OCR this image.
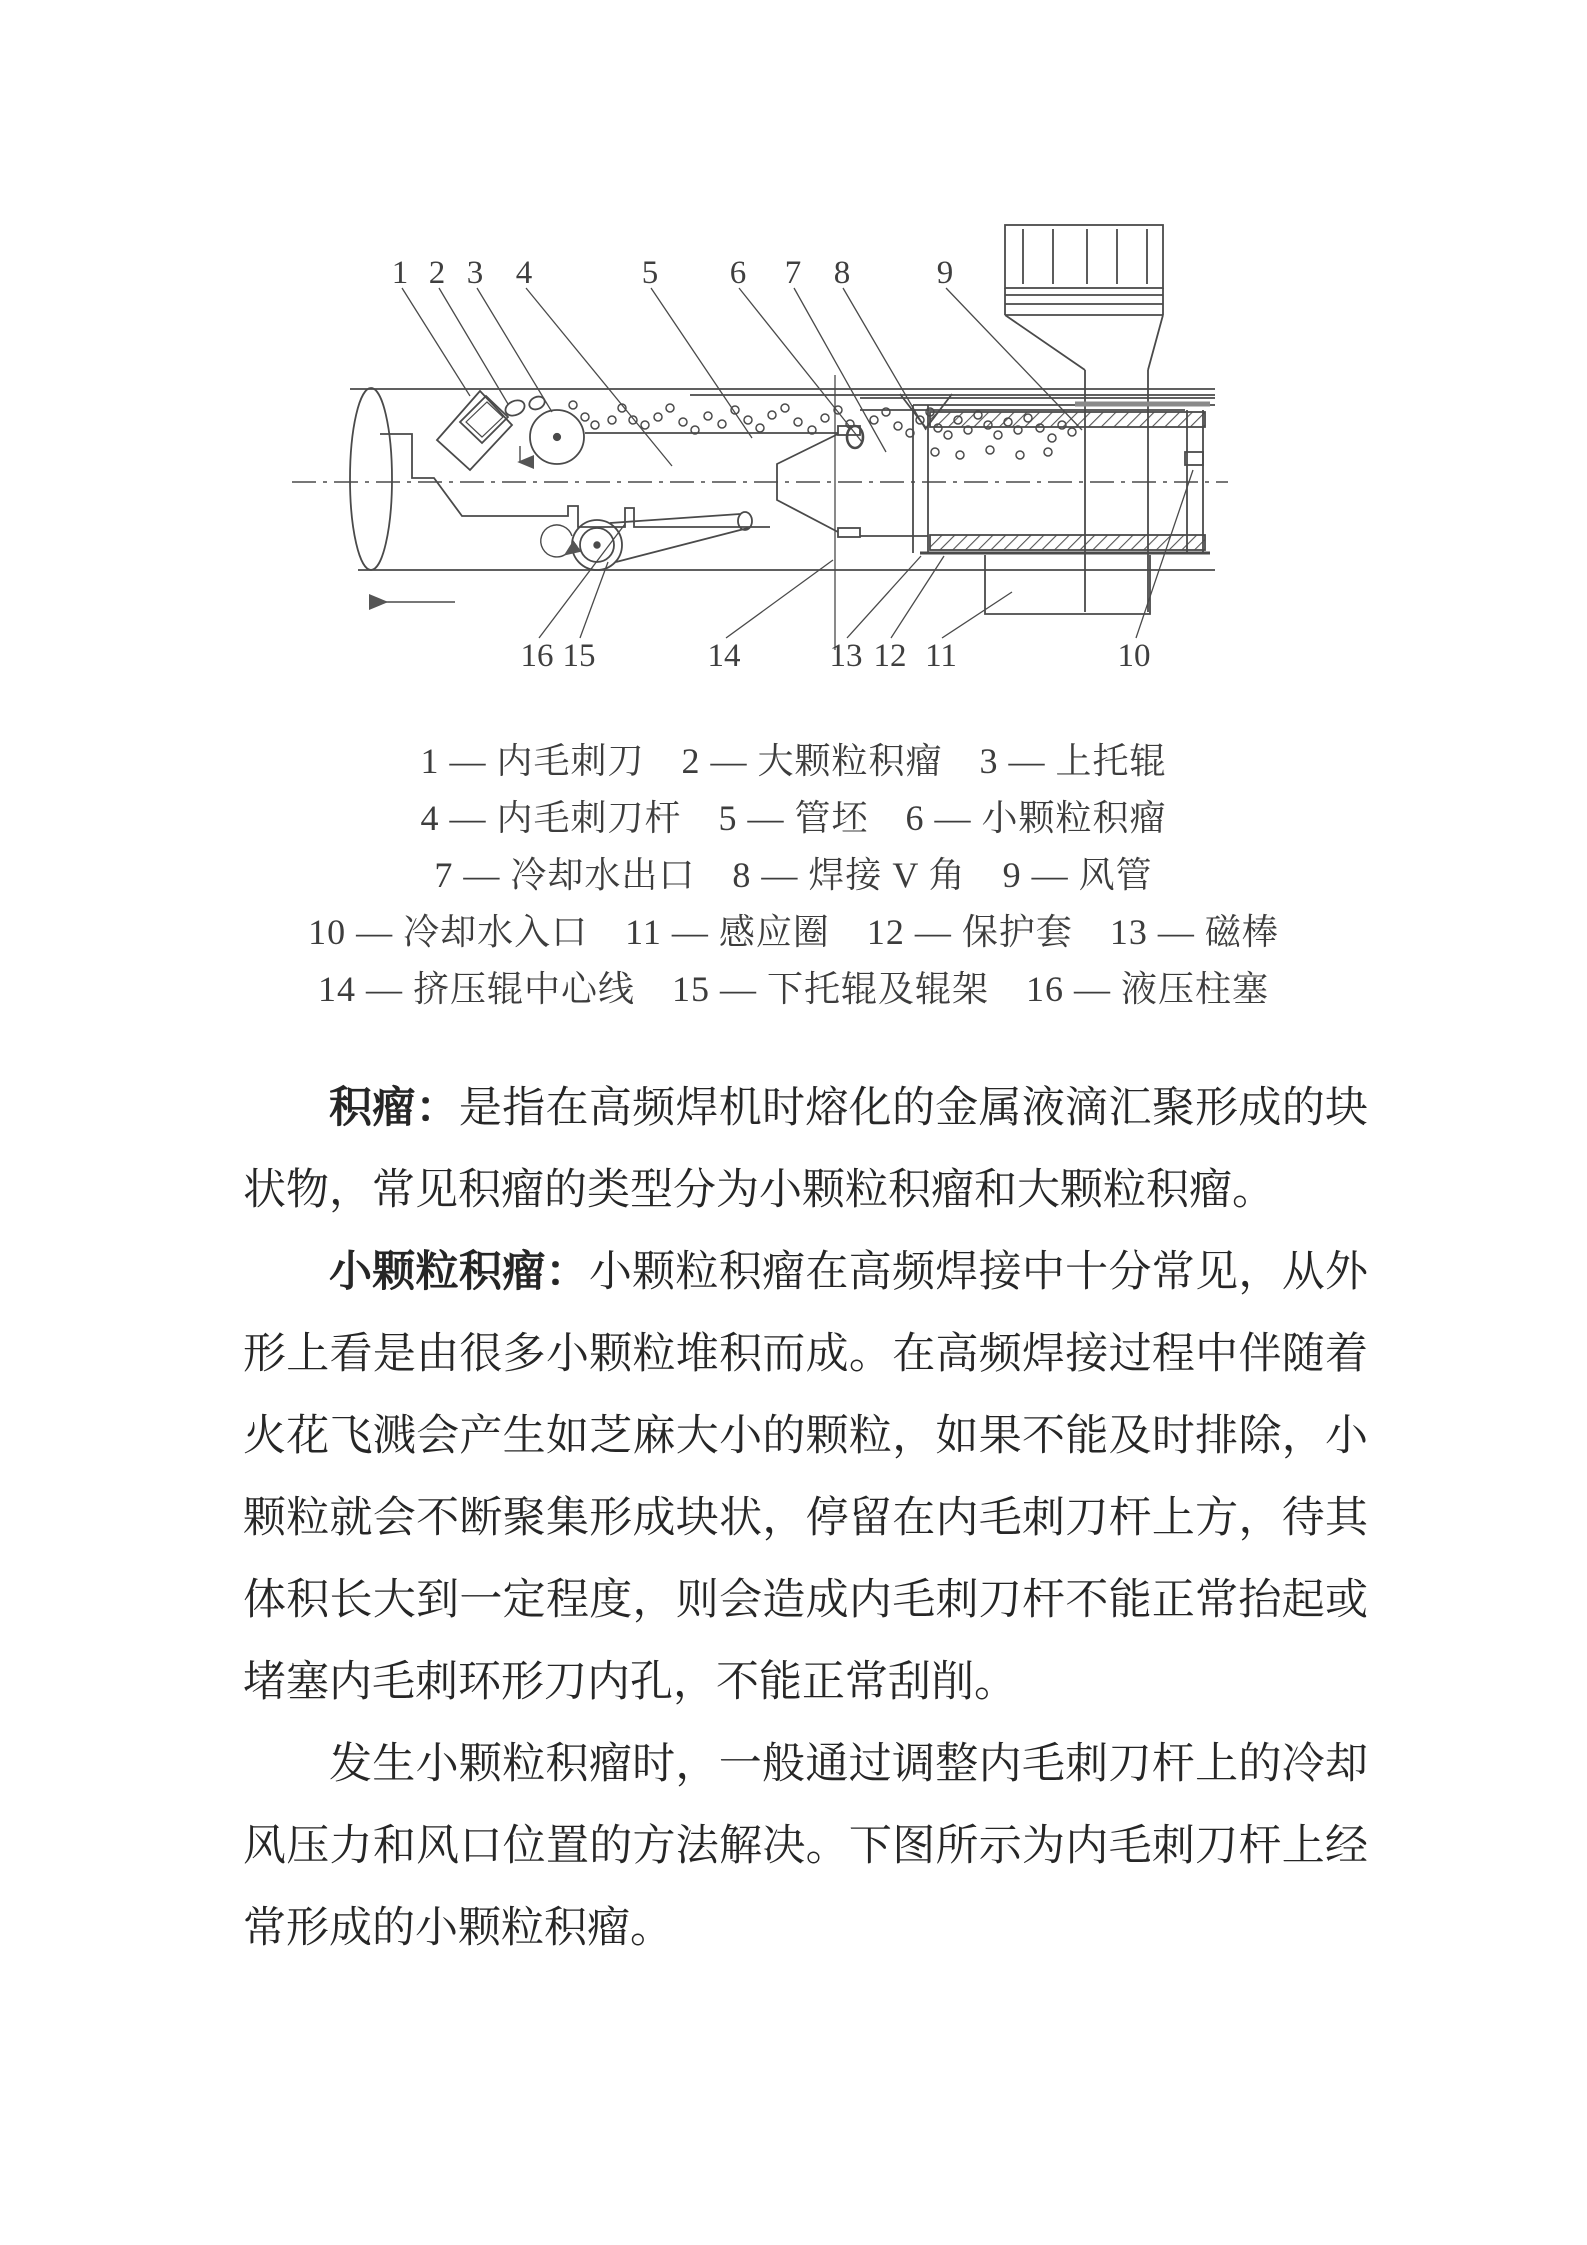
1 2 3 4	5 6 7 8	9
16 15	14	13 12 11	10
1 — 内毛刺刀　2 — 大颗粒积瘤　3 — 上托辊
4 — 内毛刺刀杆　5 — 管坯　6 — 小颗粒积瘤
7 — 冷却水出口　8 — 焊接 V 角　9 — 风管
10 — 冷却水入口　11 — 感应圈　12 — 保护套　13 — 磁棒
14 — 挤压辊中心线　15 — 下托辊及辊架　16 — 液压柱塞

积瘤：是指在高频焊机时熔化的金属液滴汇聚形成的块状物，常见积瘤的类型分为小颗粒积瘤和大颗粒积瘤。

小颗粒积瘤：小颗粒积瘤在高频焊接中十分常见，从外形上看是由很多小颗粒堆积而成。在高频焊接过程中伴随着火花飞溅会产生如芝麻大小的颗粒，如果不能及时排除，小颗粒就会不断聚集形成块状，停留在内毛刺刀杆上方，待其体积长大到一定程度，则会造成内毛刺刀杆不能正常抬起或堵塞内毛刺环形刀内孔，不能正常刮削。

发生小颗粒积瘤时，一般通过调整内毛刺刀杆上的冷却风压力和风口位置的方法解决。下图所示为内毛刺刀杆上经常形成的小颗粒积瘤。
